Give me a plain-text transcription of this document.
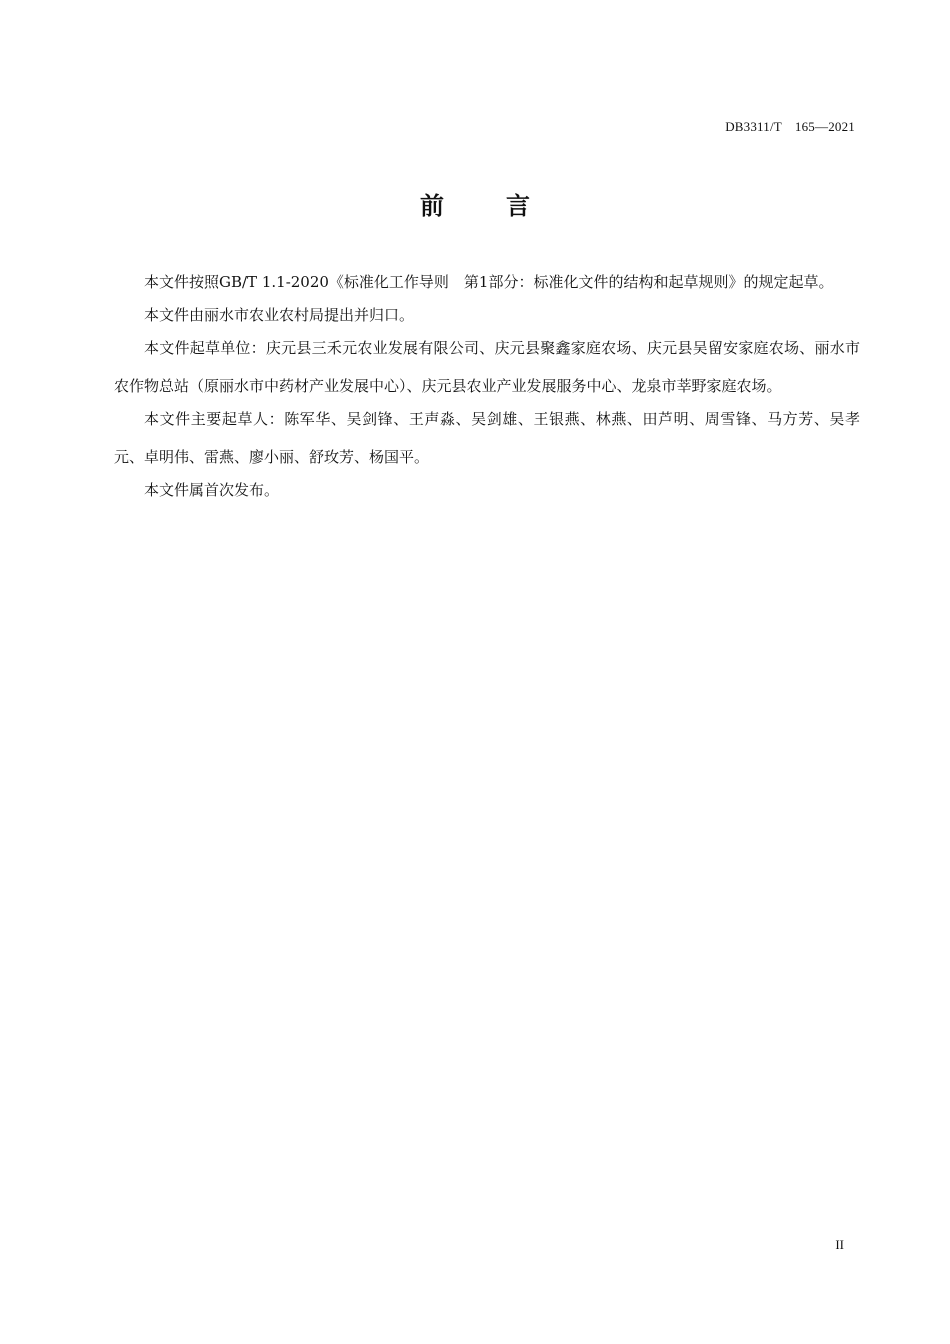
DB3311/T　165—2021
前言

本文件按照GB/T 1.1-2020《标准化工作导则　第1部分：标准化文件的结构和起草规则》的规定起草。

本文件由丽水市农业农村局提出并归口。

本文件起草单位：庆元县三禾元农业发展有限公司、庆元县聚鑫家庭农场、庆元县吴留安家庭农场、丽水市农作物总站（原丽水市中药材产业发展中心）、庆元县农业产业发展服务中心、龙泉市莘野家庭农场。

本文件主要起草人：陈军华、吴剑锋、王声淼、吴剑雄、王银燕、林燕、田芦明、周雪锋、马方芳、吴孝元、卓明伟、雷燕、廖小丽、舒玫芳、杨国平。

本文件属首次发布。

II
